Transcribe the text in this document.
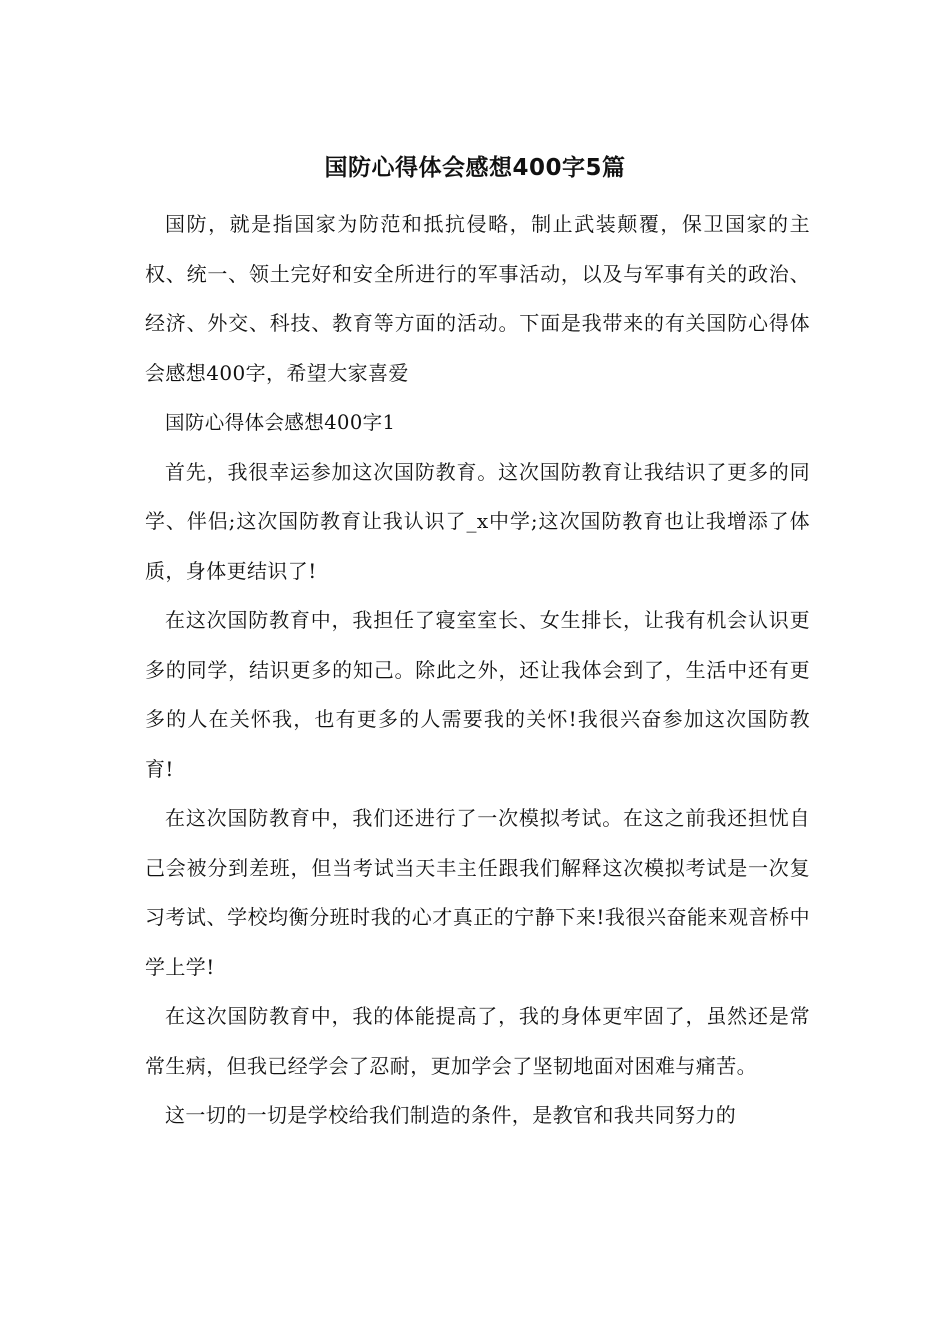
国防心得体会感想400字5篇

国防，就是指国家为防范和抵抗侵略，制止武装颠覆，保卫国家的主权、统一、领土完好和安全所进行的军事活动，以及与军事有关的政治、经济、外交、科技、教育等方面的活动。下面是我带来的有关国防心得体会感想400字，希望大家喜爱

国防心得体会感想400字1

首先，我很幸运参加这次国防教育。这次国防教育让我结识了更多的同学、伴侣;这次国防教育让我认识了_x中学;这次国防教育也让我增添了体质，身体更结识了!

在这次国防教育中，我担任了寝室室长、女生排长，让我有机会认识更多的同学，结识更多的知己。除此之外，还让我体会到了，生活中还有更多的人在关怀我，也有更多的人需要我的关怀!我很兴奋参加这次国防教育!

在这次国防教育中，我们还进行了一次模拟考试。在这之前我还担忧自己会被分到差班，但当考试当天丰主任跟我们解释这次模拟考试是一次复习考试、学校均衡分班时我的心才真正的宁静下来!我很兴奋能来观音桥中学上学!

在这次国防教育中，我的体能提高了，我的身体更牢固了，虽然还是常常生病，但我已经学会了忍耐，更加学会了坚韧地面对困难与痛苦。

这一切的一切是学校给我们制造的条件，是教官和我共同努力的
